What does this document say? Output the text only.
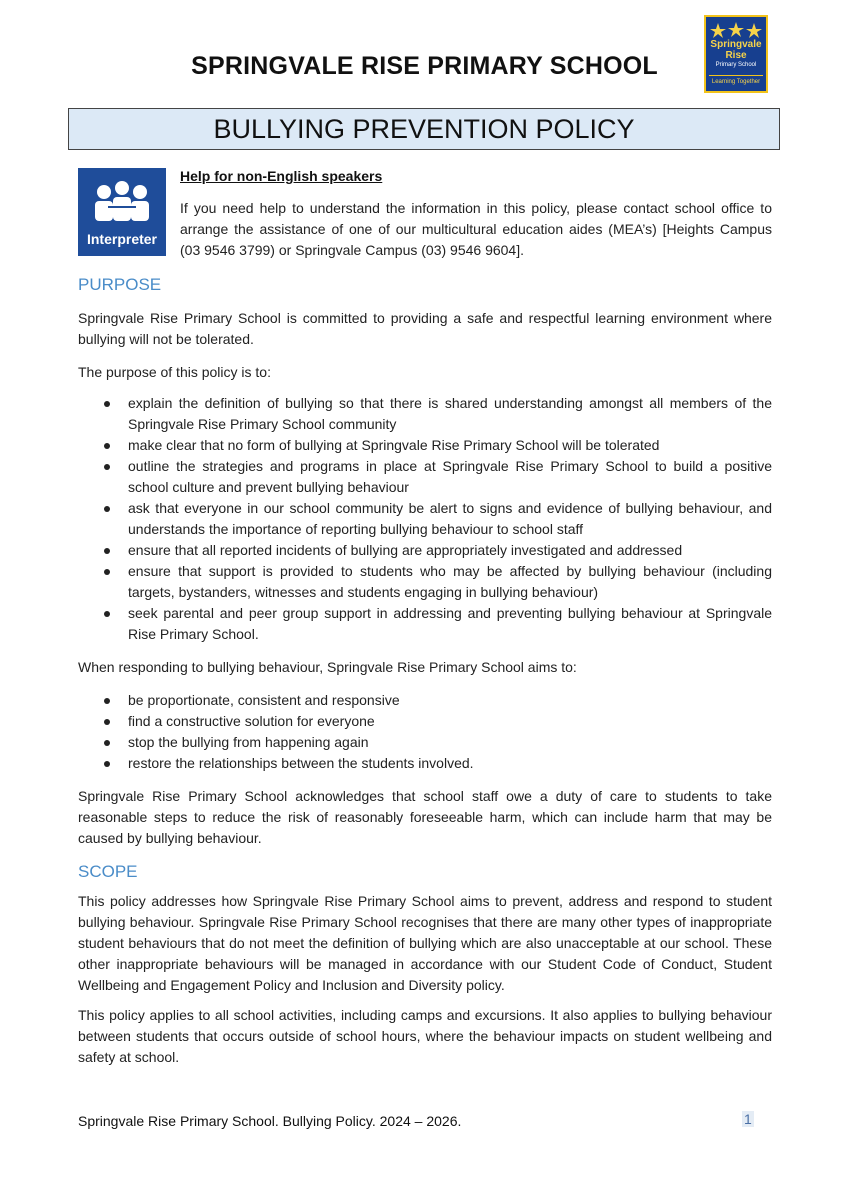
SPRINGVALE RISE PRIMARY SCHOOL
Springvale
Rise
Primary School
Learning Together
BULLYING PREVENTION POLICY
Interpreter
Help for non-English speakers
If you need help to understand the information in this policy, please contact school office to arrange the assistance of one of our multicultural education aides (MEA’s) [Heights Campus (03 9546 3799) or Springvale Campus (03) 9546 9604].
PURPOSE
Springvale Rise Primary School is committed to providing a safe and respectful learning environment where bullying will not be tolerated.
The purpose of this policy is to:
explain the definition of bullying so that there is shared understanding amongst all members of the Springvale Rise Primary School community
make clear that no form of bullying at Springvale Rise Primary School will be tolerated
outline the strategies and programs in place at Springvale Rise Primary School to build a positive school culture and prevent bullying behaviour
ask that everyone in our school community be alert to signs and evidence of bullying behaviour, and understands the importance of reporting bullying behaviour to school staff
ensure that all reported incidents of bullying are appropriately investigated and addressed
ensure that support is provided to students who may be affected by bullying behaviour (including targets, bystanders, witnesses and students engaging in bullying behaviour)
seek parental and peer group support in addressing and preventing bullying behaviour at Springvale Rise Primary School.
When responding to bullying behaviour, Springvale Rise Primary School aims to:
be proportionate, consistent and responsive
find a constructive solution for everyone
stop the bullying from happening again
restore the relationships between the students involved.
Springvale Rise Primary School acknowledges that school staff owe a duty of care to students to take reasonable steps to reduce the risk of reasonably foreseeable harm, which can include harm that may be caused by bullying behaviour.
SCOPE
This policy addresses how Springvale Rise Primary School aims to prevent, address and respond to student bullying behaviour. Springvale Rise Primary School recognises that there are many other types of inappropriate student behaviours that do not meet the definition of bullying which are also unacceptable at our school. These other inappropriate behaviours will be managed in accordance with our Student Code of Conduct, Student Wellbeing and Engagement Policy and Inclusion and Diversity policy.
This policy applies to all school activities, including camps and excursions. It also applies to bullying behaviour between students that occurs outside of school hours, where the behaviour impacts on student wellbeing and safety at school.
Springvale Rise Primary School. Bullying Policy. 2024 – 2026.	1
